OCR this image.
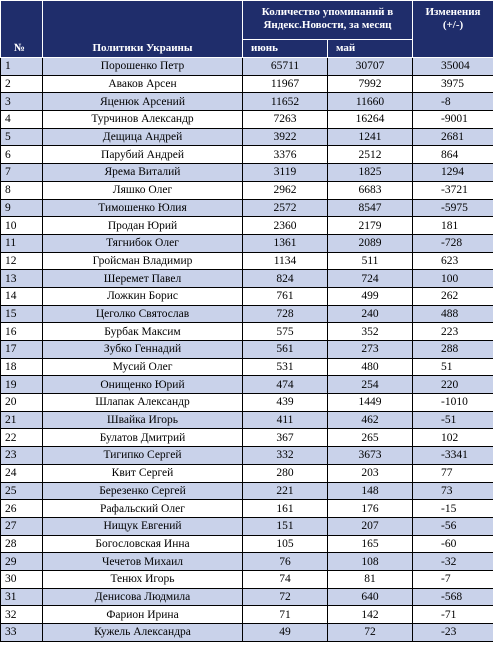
№	Политики Украины	Количество упоминаний в Яндекс.Новости, за месяц		Изменения (+/-)
		июнь	май	
1	Порошенко Петр	65711	30707	35004
2	Аваков Арсен	11967	7992	3975
3	Яценюк Арсений	11652	11660	-8
4	Турчинов Александр	7263	16264	-9001
5	Дещица Андрей	3922	1241	2681
6	Парубий Андрей	3376	2512	864
7	Ярема Виталий	3119	1825	1294
8	Ляшко Олег	2962	6683	-3721
9	Тимошенко Юлия	2572	8547	-5975
10	Продан Юрий	2360	2179	181
11	Тягнибок Олег	1361	2089	-728
12	Гройсман Владимир	1134	511	623
13	Шеремет Павел	824	724	100
14	Ложкин Борис	761	499	262
15	Цеголко Святослав	728	240	488
16	Бурбак Максим	575	352	223
17	Зубко Геннадий	561	273	288
18	Мусий Олег	531	480	51
19	Онищенко Юрий	474	254	220
20	Шлапак Александр	439	1449	-1010
21	Швайка Игорь	411	462	-51
22	Булатов Дмитрий	367	265	102
23	Тигипко Сергей	332	3673	-3341
24	Квит Сергей	280	203	77
25	Березенко Сергей	221	148	73
26	Рафальский Олег	161	176	-15
27	Нищук Евгений	151	207	-56
28	Богословская Инна	105	165	-60
29	Чечетов Михаил	76	108	-32
30	Тенюх Игорь	74	81	-7
31	Денисова Людмила	72	640	-568
32	Фарион Ирина	71	142	-71
33	Кужель Александра	49	72	-23
